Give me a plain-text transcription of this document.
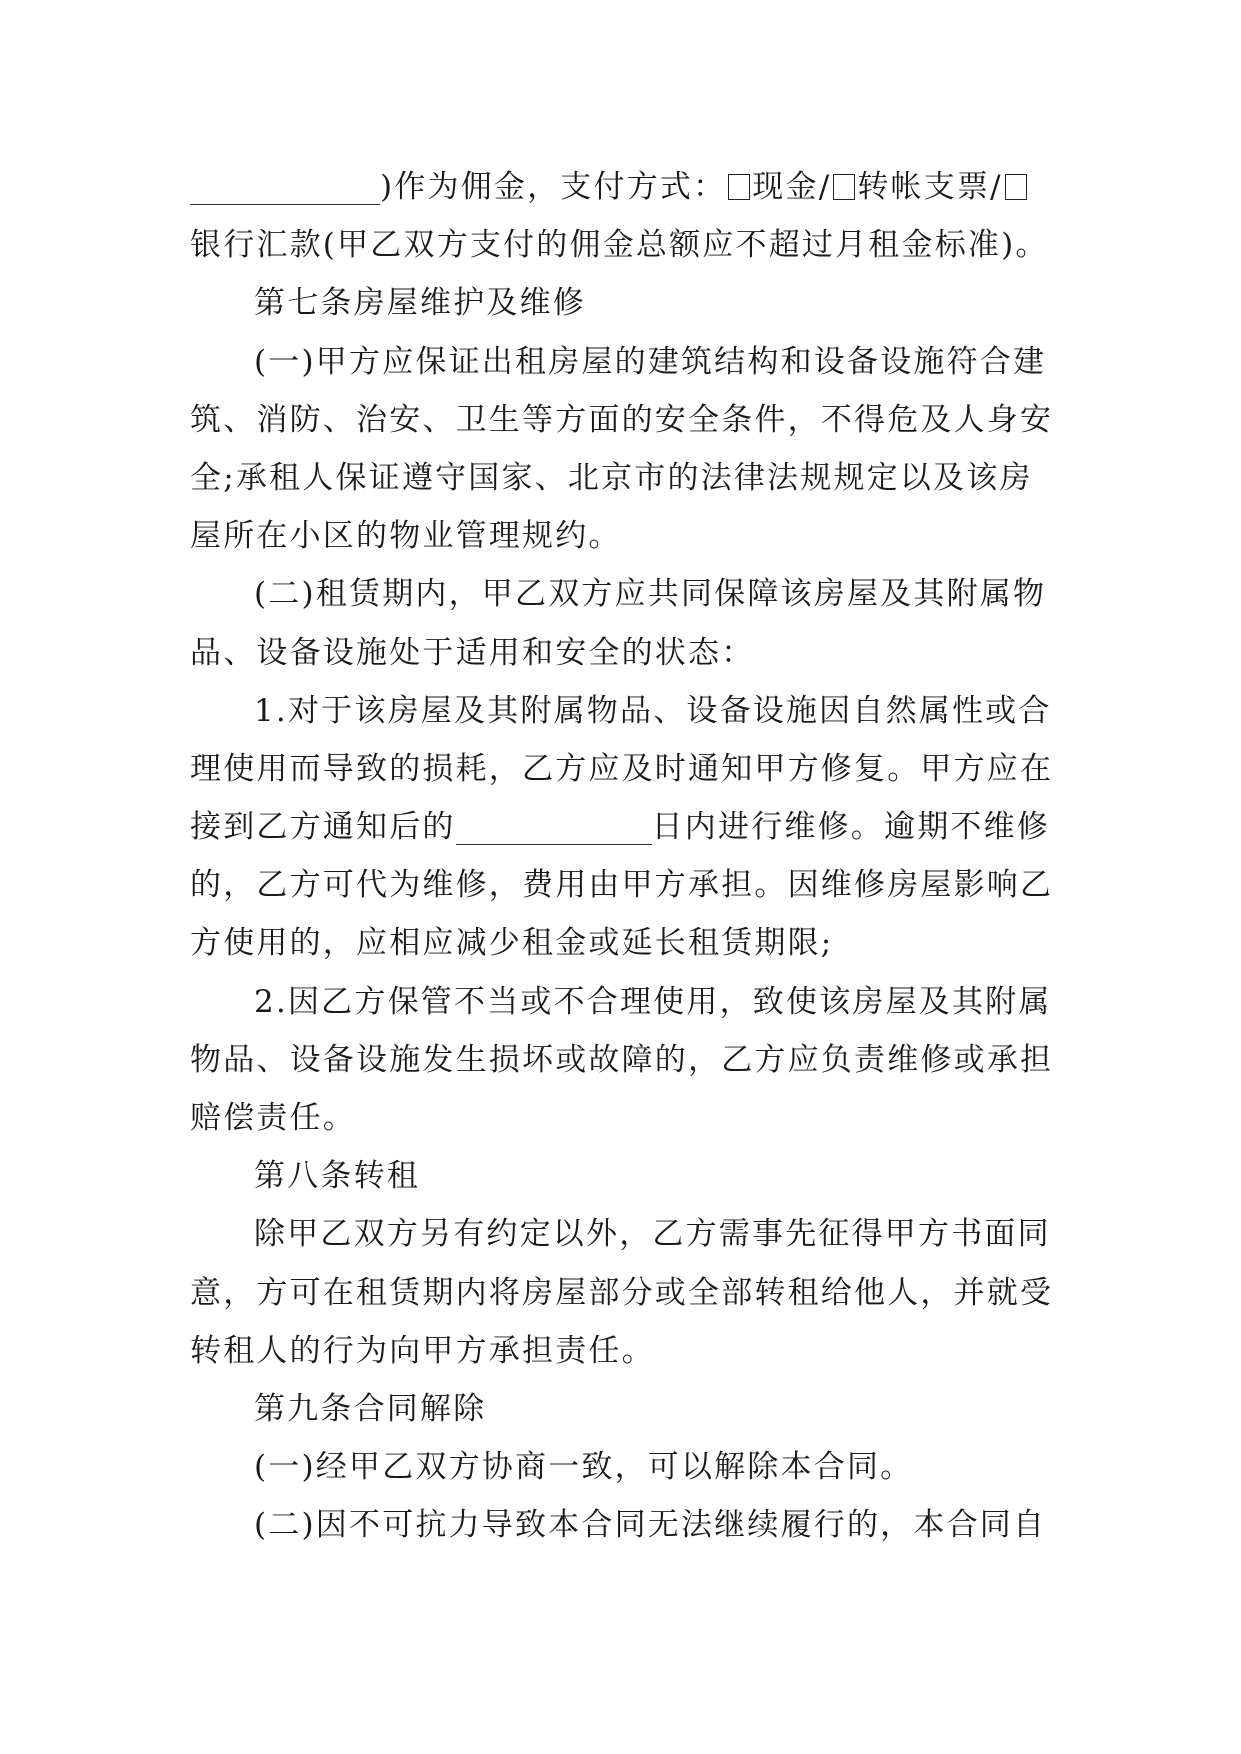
)作为佣金，支付方式： 现金/ 转帐支票/
银行汇款(甲乙双方支付的佣金总额应不超过月租金标准)。
第七条房屋维护及维修
(一)甲方应保证出租房屋的建筑结构和设备设施符合建
筑、消防、治安、卫生等方面的安全条件，不得危及人身安
全;承租人保证遵守国家、北京市的法律法规规定以及该房
屋所在小区的物业管理规约。
(二)租赁期内，甲乙双方应共同保障该房屋及其附属物
品、设备设施处于适用和安全的状态：
1.对于该房屋及其附属物品、设备设施因自然属性或合
理使用而导致的损耗，乙方应及时通知甲方修复。甲方应在
接到乙方通知后的	日内进行维修。逾期不维修
的，乙方可代为维修，费用由甲方承担。因维修房屋影响乙
方使用的，应相应减少租金或延长租赁期限;
2.因乙方保管不当或不合理使用，致使该房屋及其附属
物品、设备设施发生损坏或故障的，乙方应负责维修或承担
赔偿责任。
第八条转租
除甲乙双方另有约定以外，乙方需事先征得甲方书面同
意，方可在租赁期内将房屋部分或全部转租给他人，并就受
转租人的行为向甲方承担责任。
第九条合同解除
(一)经甲乙双方协商一致，可以解除本合同。
(二)因不可抗力导致本合同无法继续履行的，本合同自
